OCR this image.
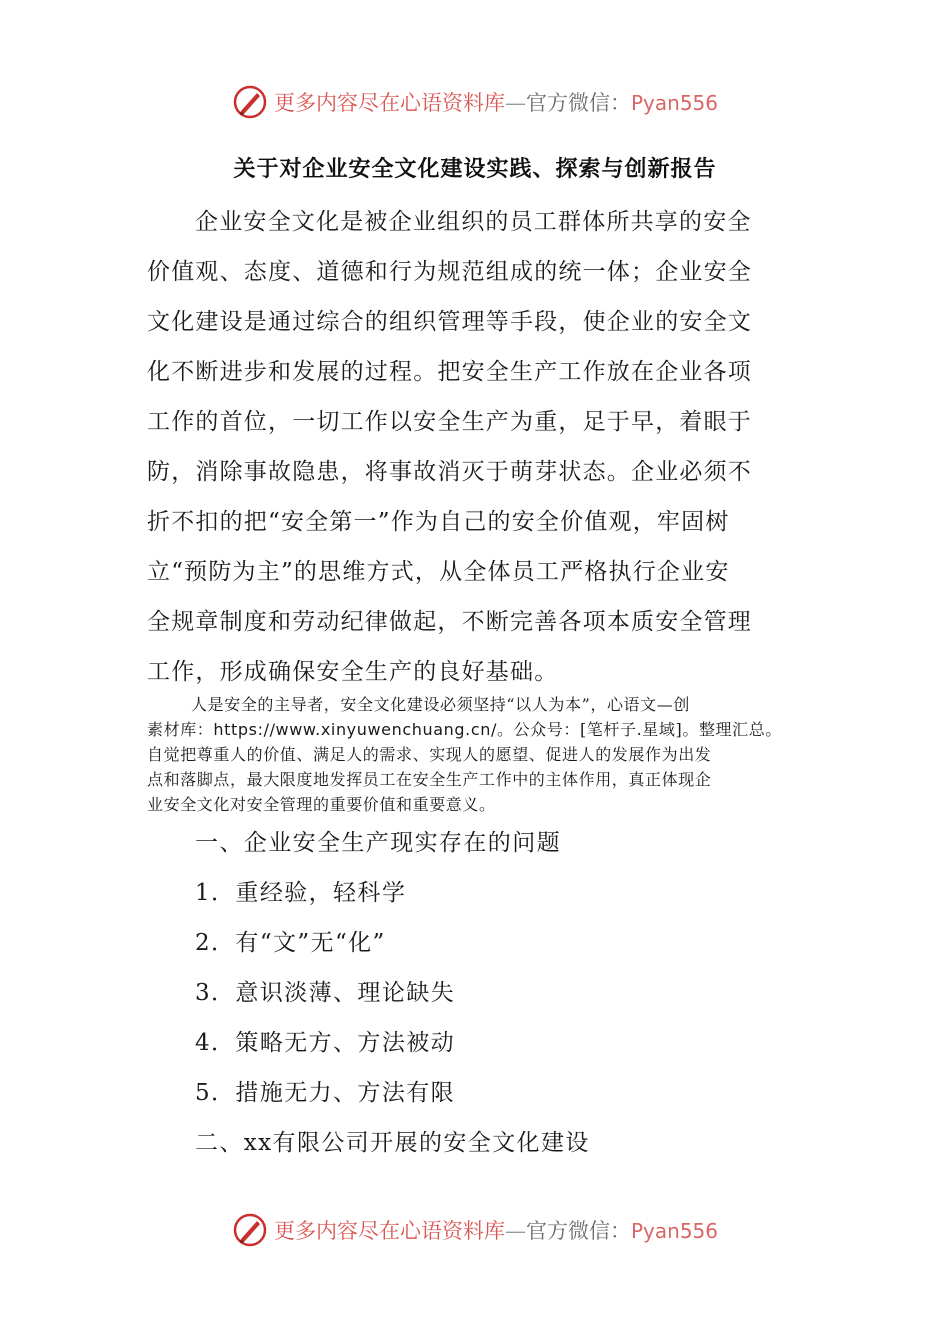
更多内容尽在心语资料库—官方微信：Pyan556
关于对企业安全文化建设实践、探索与创新报告
企业安全文化是被企业组织的员工群体所共享的安全
价值观、态度、道德和行为规范组成的统一体；企业安全
文化建设是通过综合的组织管理等手段，使企业的安全文
化不断进步和发展的过程。把安全生产工作放在企业各项
工作的首位，一切工作以安全生产为重，足于早，着眼于
防，消除事故隐患，将事故消灭于萌芽状态。企业必须不
折不扣的把“安全第一”作为自己的安全价值观，牢固树
立“预防为主”的思维方式，从全体员工严格执行企业安
全规章制度和劳动纪律做起，不断完善各项本质安全管理
工作，形成确保安全生产的良好基础。
人是安全的主导者，安全文化建设必须坚持“以人为本”，心语文—创
素材库：https://www.xinyuwenchuang.cn/。公众号：[笔杆子.星域]。整理汇总。
自觉把尊重人的价值、满足人的需求、实现人的愿望、促进人的发展作为出发
点和落脚点，最大限度地发挥员工在安全生产工作中的主体作用，真正体现企
业安全文化对安全管理的重要价值和重要意义。
一、企业安全生产现实存在的问题
1．重经验，轻科学
2．有“文”无“化”
3．意识淡薄、理论缺失
4．策略无方、方法被动
5．措施无力、方法有限
二、xx有限公司开展的安全文化建设
更多内容尽在心语资料库—官方微信：Pyan556
